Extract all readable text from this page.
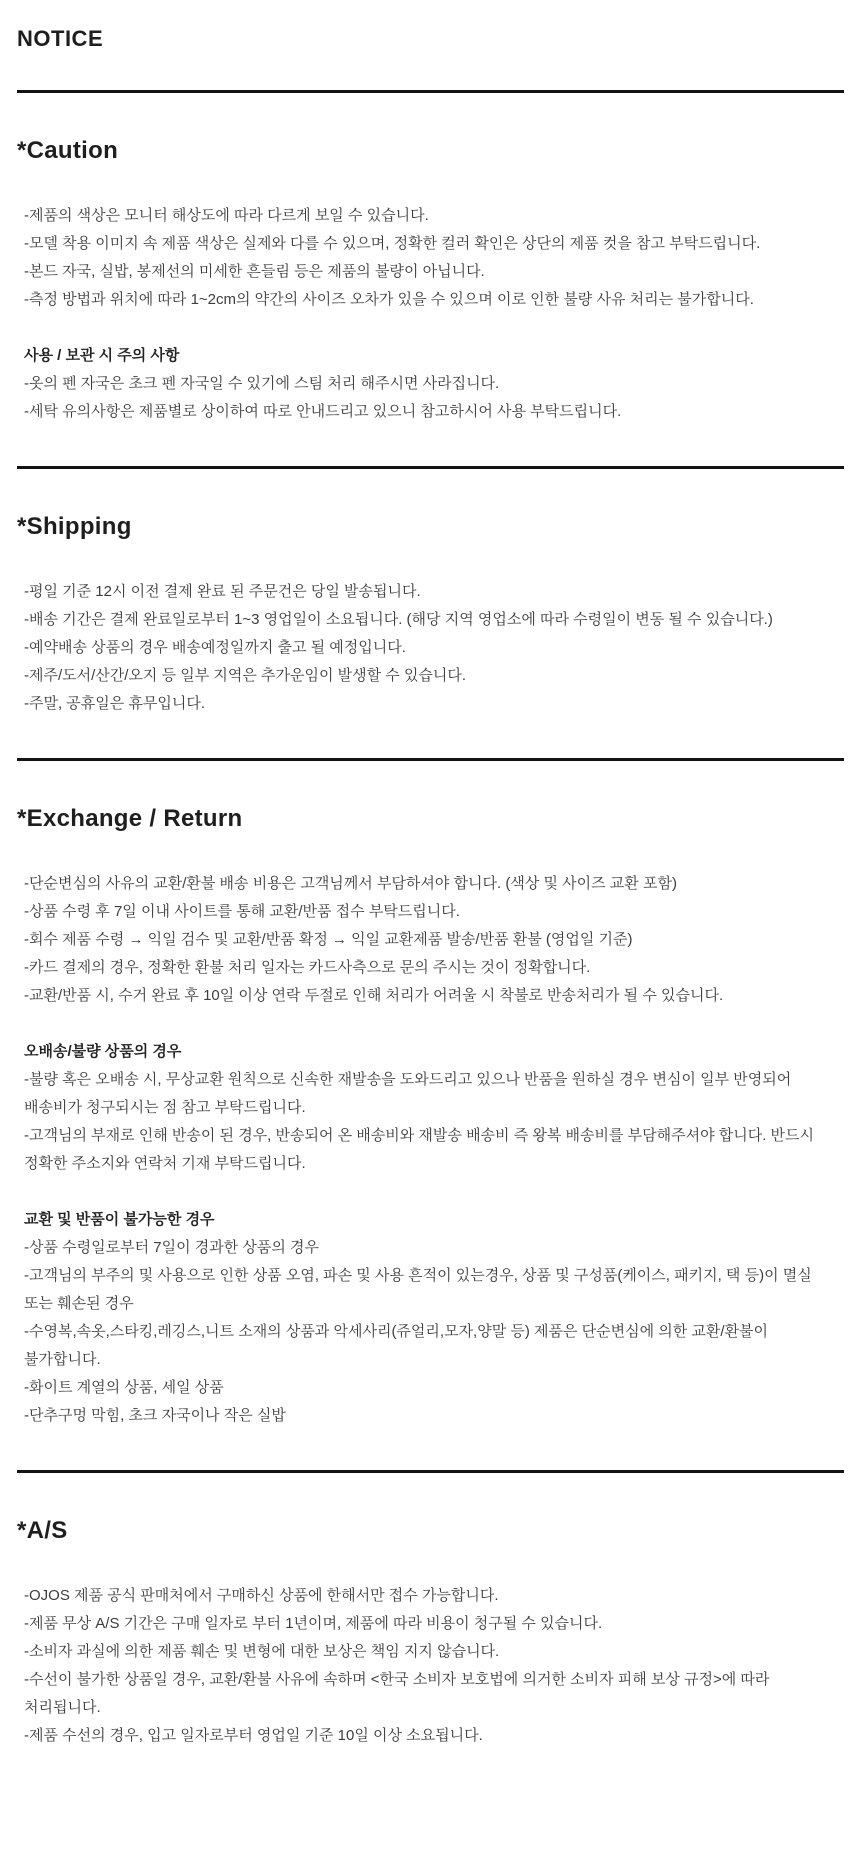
NOTICE
*Caution

-제품의 색상은 모니터 해상도에 따라 다르게 보일 수 있습니다.

-모델 착용 이미지 속 제품 색상은 실제와 다를 수 있으며, 정확한 컬러 확인은 상단의 제품 컷을 참고 부탁드립니다.

-본드 자국, 실밥, 봉제선의 미세한 흔들림 등은 제품의 불량이 아닙니다.

-측정 방법과 위치에 따라 1~2cm의 약간의 사이즈 오차가 있을 수 있으며 이로 인한 불량 사유 처리는 불가합니다.

사용 / 보관 시 주의 사항

-옷의 펜 자국은 초크 펜 자국일 수 있기에 스팀 처리 해주시면 사라집니다.

-세탁 유의사항은 제품별로 상이하여 따로 안내드리고 있으니 참고하시어 사용 부탁드립니다.

*Shipping

-평일 기준 12시 이전 결제 완료 된 주문건은 당일 발송됩니다.

-배송 기간은 결제 완료일로부터 1~3 영업일이 소요됩니다. (해당 지역 영업소에 따라 수령일이 변동 될 수 있습니다.)

-예약배송 상품의 경우 배송예정일까지 출고 될 예정입니다.

-제주/도서/산간/오지 등 일부 지역은 추가운임이 발생할 수 있습니다.

-주말, 공휴일은 휴무입니다.

*Exchange / Return

-단순변심의 사유의 교환/환불 배송 비용은 고객님께서 부담하셔야 합니다. (색상 및 사이즈 교환 포함)

-상품 수령 후 7일 이내 사이트를 통해 교환/반품 접수 부탁드립니다.

-회수 제품 수령 → 익일 검수 및 교환/반품 확정 → 익일 교환제품 발송/반품 환불 (영업일 기준)

-카드 결제의 경우, 정확한 환불 처리 일자는 카드사측으로 문의 주시는 것이 정확합니다.

-교환/반품 시, 수거 완료 후 10일 이상 연락 두절로 인해 처리가 어려울 시 착불로 반송처리가 될 수 있습니다.

오배송/불량 상품의 경우

-불량 혹은 오배송 시, 무상교환 원칙으로 신속한 재발송을 도와드리고 있으나 반품을 원하실 경우 변심이 일부 반영되어 배송비가 청구되시는 점 참고 부탁드립니다.

-고객님의 부재로 인해 반송이 된 경우, 반송되어 온 배송비와 재발송 배송비 즉 왕복 배송비를 부담해주셔야 합니다. 반드시 정확한 주소지와 연락처 기재 부탁드립니다.

교환 및 반품이 불가능한 경우

-상품 수령일로부터 7일이 경과한 상품의 경우

-고객님의 부주의 및 사용으로 인한 상품 오염, 파손 및 사용 흔적이 있는경우, 상품 및 구성품(케이스, 패키지, 택 등)이 멸실 또는 훼손된 경우

-수영복,속옷,스타킹,레깅스,니트 소재의 상품과 악세사리(쥬얼리,모자,양말 등) 제품은 단순변심에 의한 교환/환불이 불가합니다.

-화이트 계열의 상품, 세일 상품

-단추구멍 막힘, 초크 자국이나 작은 실밥

*A/S

-OJOS 제품 공식 판매처에서 구매하신 상품에 한해서만 접수 가능합니다.

-제품 무상 A/S 기간은 구매 일자로 부터 1년이며, 제품에 따라 비용이 청구될 수 있습니다.

-소비자 과실에 의한 제품 훼손 및 변형에 대한 보상은 책임 지지 않습니다.

-수선이 불가한 상품일 경우, 교환/환불 사유에 속하며 <한국 소비자 보호법에 의거한 소비자 피해 보상 규정>에 따라 처리됩니다.

-제품 수선의 경우, 입고 일자로부터 영업일 기준 10일 이상 소요됩니다.
